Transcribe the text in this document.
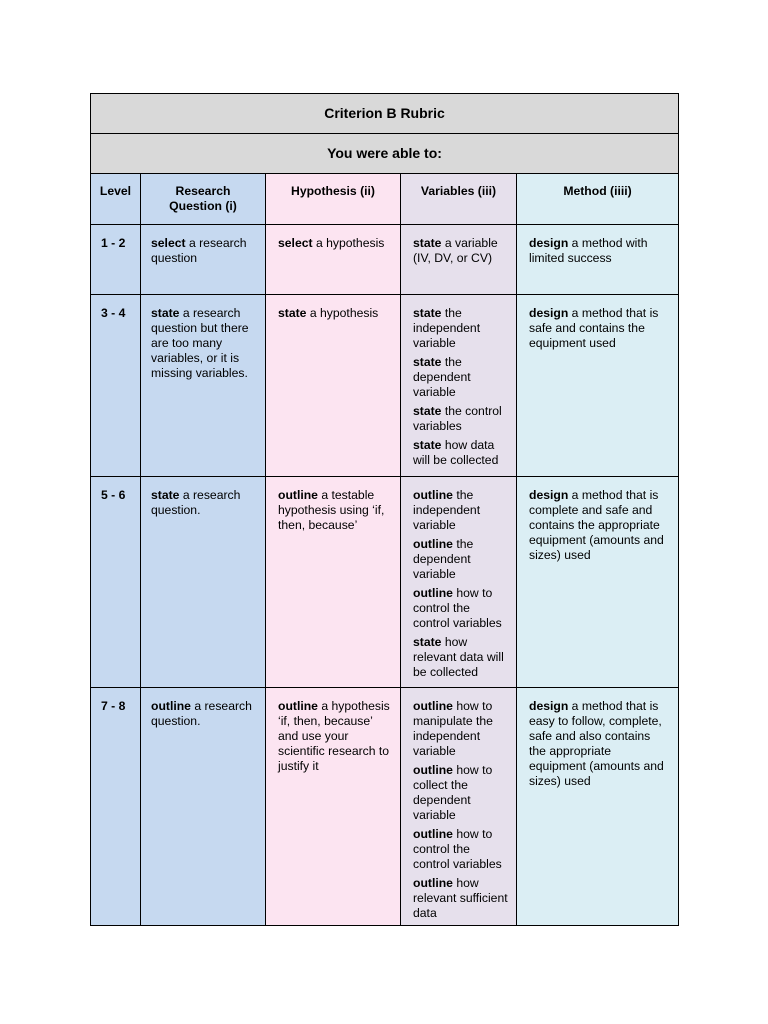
Criterion B Rubric				
You were able to:				

Level	Research Question (i)	Hypothesis (ii)	Variables (iii)	Method (iiii)

1 - 2	select a research question	select a hypothesis	state a variable (IV, DV, or CV)	design a method with limited success

3 - 4	state a research question but there are too many variables, or it is missing variables.	state a hypothesis	state the independent variable
state the dependent variable
state the control variables
state how data will be collected	design a method that is safe and contains the equipment used

5 - 6	state a research question.	outline a testable hypothesis using ‘if, then, because’	outline the independent variable
outline the dependent variable
outline how to control the control variables
state how relevant data will be collected	design a method that is complete and safe and contains the appropriate equipment (amounts and sizes) used

7 - 8	outline a research question.	outline a hypothesis ‘if, then, because’ and use your scientific research to justify it	outline how to manipulate the independent variable
outline how to collect the dependent variable
outline how to control the control variables
outline how relevant sufficient data	design a method that is easy to follow, complete, safe and also contains the appropriate equipment (amounts and sizes) used
